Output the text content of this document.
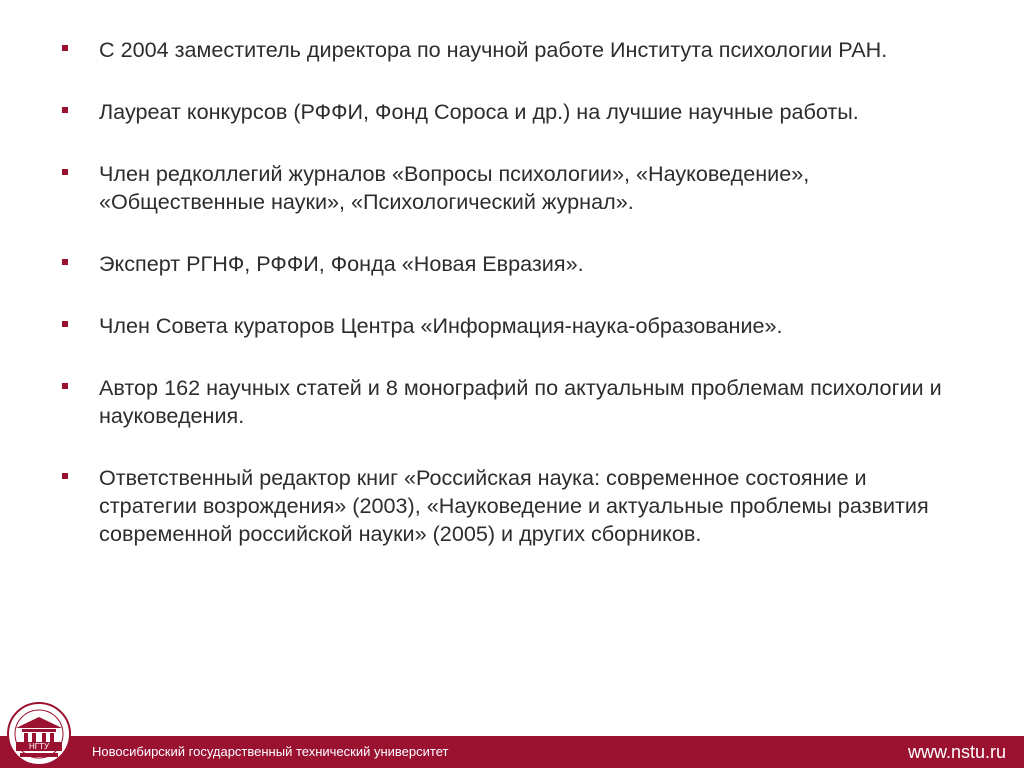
С 2004 заместитель директора по научной работе Института психологии РАН.
Лауреат конкурсов (РФФИ, Фонд Сороса и др.) на лучшие научные работы.
Член редколлегий журналов «Вопросы психологии», «Науковедение», «Общественные науки», «Психологический журнал».
Эксперт РГНФ, РФФИ, Фонда «Новая Евразия».
Член Совета кураторов Центра «Информация-наука-образование».
Автор 162 научных статей и 8 монографий по актуальным проблемам психологии и науковедения.
Ответственный редактор книг «Российская наука: современное состояние и стратегии возрождения» (2003), «Науковедение и актуальные проблемы развития современной российской науки» (2005) и других сборников.
Новосибирский государственный технический университет	www.nstu.ru
НГТУ
